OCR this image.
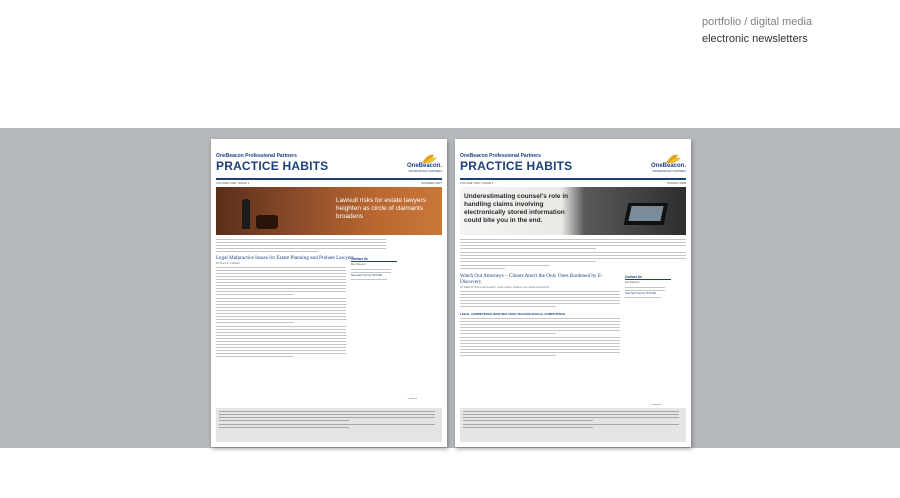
portfolio / digital media
electronic newsletters
OneBeacon Professional Partners
PRACTICE HABITS	OneBeacon.
PROFESSIONAL PARTNERS
VOLUME ONE, ISSUE 1	SUMMER 2007
Lawsuit risks for estate lawyers heighten as circle of claimants broadens
Legal Malpractice Issues for Estate Planning and Probate Lawyers
By Bruce A. Campbell
Contact Us
Dan Patterson
Need help? Call our HOTLINE
continued
OneBeacon Professional Partners
PRACTICE HABITS	OneBeacon.
PROFESSIONAL PARTNERS
VOLUME TWO, ISSUE 1	SPRING 2008
Underestimating counsel's role in handling claims involving electronically stored information could bite you in the end.
Watch Out Attorneys – Clients Aren't the Only Ones Burdened by E-Discovery
By James M. Wilson and Joseph F. Curtis, Lipson, Neilson, Cole, Seltzer & Garin, P.C.
LEGAL COMPETENCE NOW INCLUDES TECHNOLOGICAL COMPETENCE
Contact Us
Dan Patterson
Need help? Call our HOTLINE
continued
